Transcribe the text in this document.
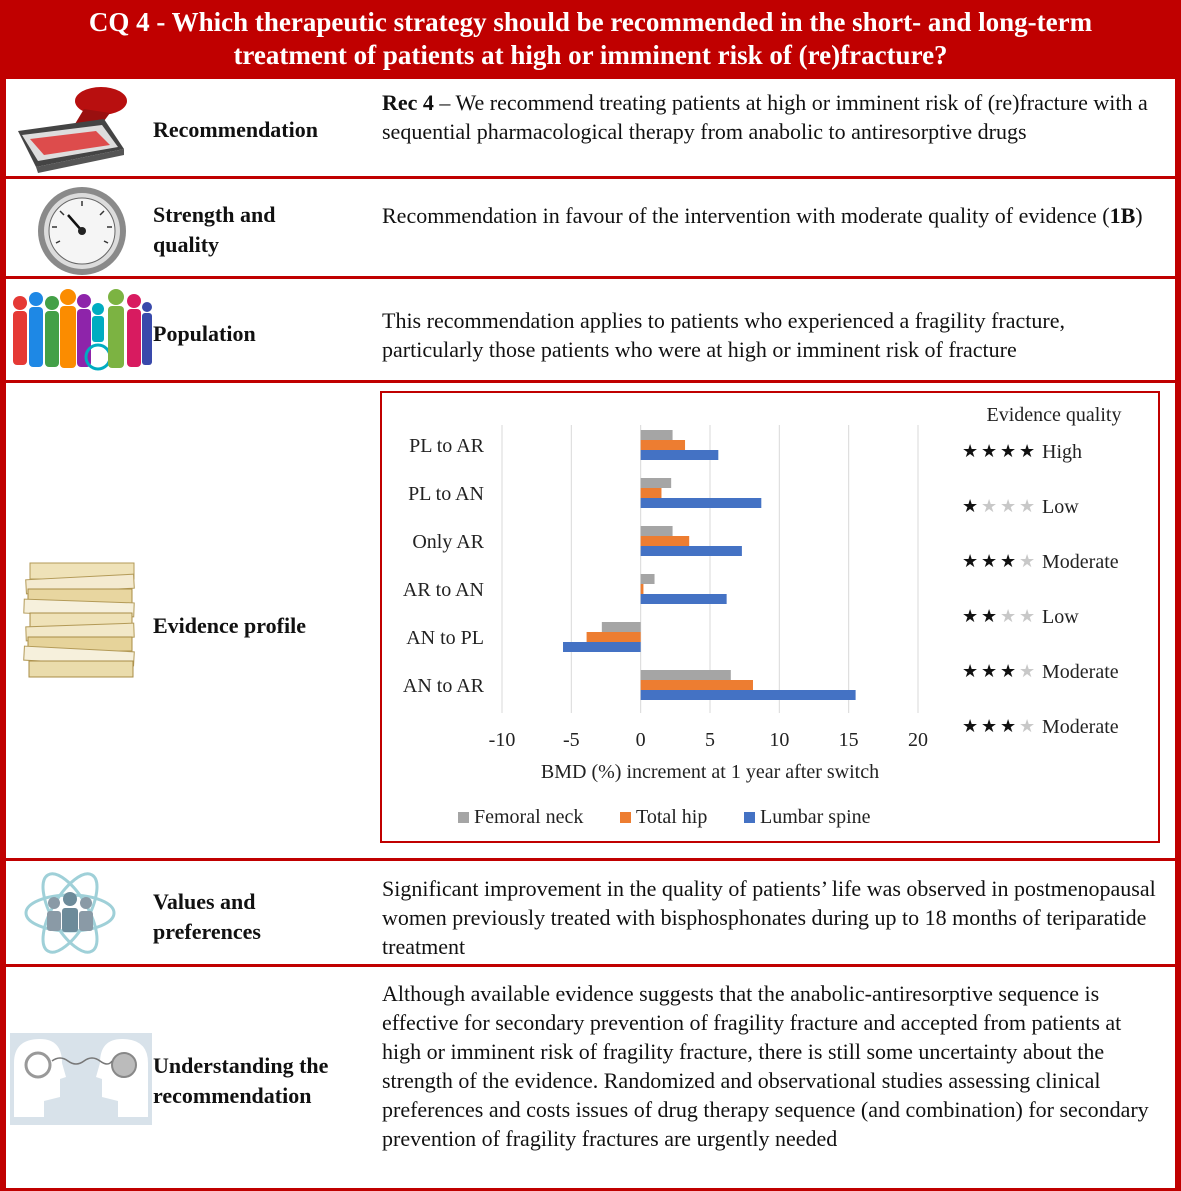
CQ 4 - Which therapeutic strategy should be recommended in the short- and long-term
treatment of patients at high or imminent risk of (re)fracture?
Recommendation
Rec 4 – We recommend treating patients at high or imminent risk of (re)fracture with a sequential pharmacological therapy from anabolic to antiresorptive drugs
Strength and
quality
Recommendation in favour of the intervention with moderate quality of evidence (1B)
Population
This recommendation applies to patients who experienced a fragility fracture, particularly those patients who were at high or imminent risk of fracture
Evidence profile
PL to AR
PL to AN
Only AR
AR to AN
AN to PL
AN to AR
-10 -5	0	5	10 15 20
BMD (%) increment at 1 year after switch
Femoral neck	Total hip	Lumbar spine
Evidence quality
★ ★ ★ ★ High
★ ★ ★ ★ Low
★ ★ ★ ★ Moderate
★ ★ ★ ★ Low
★ ★ ★ ★ Moderate
★ ★ ★ ★ Moderate
Values and
preferences
Significant improvement in the quality of patients’ life was observed in postmenopausal women previously treated with bisphosphonates during up to 18 months of teriparatide treatment
Understanding the
recommendation
Although available evidence suggests that the anabolic-antiresorptive sequence is effective for secondary prevention of fragility fracture and accepted from patients at high or imminent risk of fragility fracture, there is still some uncertainty about the strength of the evidence. Randomized and observational studies assessing clinical preferences and costs issues of drug therapy sequence (and combination) for secondary prevention of fragility fractures are urgently needed
